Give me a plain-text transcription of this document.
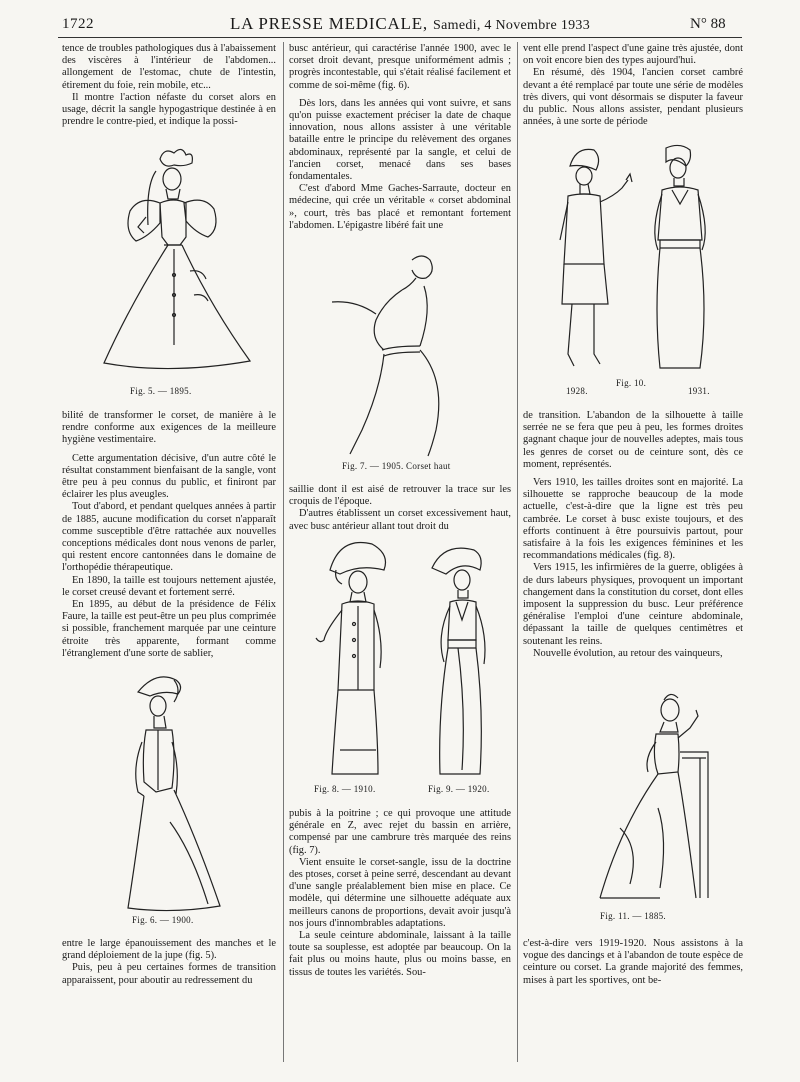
1722	LA PRESSE MEDICALE, Samedi, 4 Novembre 1933	N° 88

tence de troubles pathologiques dus à l'abaissement des viscères à l'intérieur de l'abdomen... allongement de l'estomac, chute de l'intestin, étirement du foie, rein mobile, etc...

Il montre l'action néfaste du corset alors en usage, décrit la sangle hypogastrique destinée à en prendre le contre-pied, et indique la possi-

Fig. 5. — 1895.

bilité de transformer le corset, de manière à le rendre conforme aux exigences de la meilleure hygiène vestimentaire.

Cette argumentation décisive, d'un autre côté le résultat constamment bienfaisant de la sangle, vont être peu à peu connus du public, et finiront par éclairer les plus aveugles.

Tout d'abord, et pendant quelques années à partir de 1885, aucune modification du corset n'apparaît comme susceptible d'être rattachée aux nouvelles conceptions médicales dont nous venons de parler, qui restent encore cantonnées dans le domaine de l'orthopédie thérapeutique.

En 1890, la taille est toujours nettement ajustée, le corset creusé devant et fortement serré.

En 1895, au début de la présidence de Félix Faure, la taille est peut-être un peu plus comprimée si possible, franchement marquée par une ceinture étroite très apparente, formant comme l'étranglement d'une sorte de sablier,

Fig. 6. — 1900.

entre le large épanouissement des manches et le grand déploiement de la jupe (fig. 5).

Puis, peu à peu certaines formes de transition apparaissent, pour aboutir au redressement du

busc antérieur, qui caractérise l'année 1900, avec le corset droit devant, presque uniformément admis ; progrès incontestable, qui s'était réalisé facilement et comme de soi-même (fig. 6).

Dès lors, dans les années qui vont suivre, et sans qu'on puisse exactement préciser la date de chaque innovation, nous allons assister à une véritable bataille entre le principe du relèvement des organes abdominaux, représenté par la sangle, et celui de l'ancien corset, menacé dans ses bases fondamentales.

C'est d'abord Mme Gaches-Sarraute, docteur en médecine, qui crée un véritable « corset abdominal », court, très bas placé et remontant fortement l'abdomen. L'épigastre libéré fait une

Fig. 7. — 1905. Corset haut

saillie dont il est aisé de retrouver la trace sur les croquis de l'époque.

D'autres établissent un corset excessivement haut, avec busc antérieur allant tout droit du

Fig. 8. — 1910.	Fig. 9. — 1920.

pubis à la poitrine ; ce qui provoque une attitude générale en Z, avec rejet du bassin en arrière, compensé par une cambrure très marquée des reins (fig. 7).

Vient ensuite le corset-sangle, issu de la doctrine des ptoses, corset à peine serré, descendant au devant d'une sangle préalablement bien mise en place. Ce modèle, qui détermine une silhouette adéquate aux meilleurs canons de proportions, devait avoir jusqu'à nos jours d'innombrables adaptations.

La seule ceinture abdominale, laissant à la taille toute sa souplesse, est adoptée par beaucoup. On la fait plus ou moins haute, plus ou moins basse, en tissus de toutes les variétés. Sou-

vent elle prend l'aspect d'une gaine très ajustée, dont on voit encore bien des types aujourd'hui.

En résumé, dès 1904, l'ancien corset cambré devant a été remplacé par toute une série de modèles très divers, qui vont désormais se disputer la faveur du public. Nous allons assister, pendant plusieurs années, à une sorte de période

1928.
Fig. 10.
1931.

de transition. L'abandon de la silhouette à taille serrée ne se fera que peu à peu, les formes droites gagnant chaque jour de nouvelles adeptes, mais tous les genres de corset ou de ceinture sont, dès ce moment, représentés.

Vers 1910, les tailles droites sont en majorité. La silhouette se rapproche beaucoup de la mode actuelle, c'est-à-dire que la ligne est très peu cambrée. Le corset à busc existe toujours, et des efforts continuent à être poursuivis partout, pour satisfaire à la fois les exigences féminines et les recommandations médicales (fig. 8).

Vers 1915, les infirmières de la guerre, obligées à de durs labeurs physiques, provoquent un important changement dans la constitution du corset, dont elles imposent la suppression du busc. Leur préférence généralise l'emploi d'une ceinture abdominale, dépassant la taille de quelques centimètres et soutenant les reins.

Nouvelle évolution, au retour des vainqueurs,

Fig. 11. — 1885.

c'est-à-dire vers 1919-1920. Nous assistons à la vogue des dancings et à l'abandon de toute espèce de ceinture ou corset. La grande majorité des femmes, mises à part les sportives, ont be-
